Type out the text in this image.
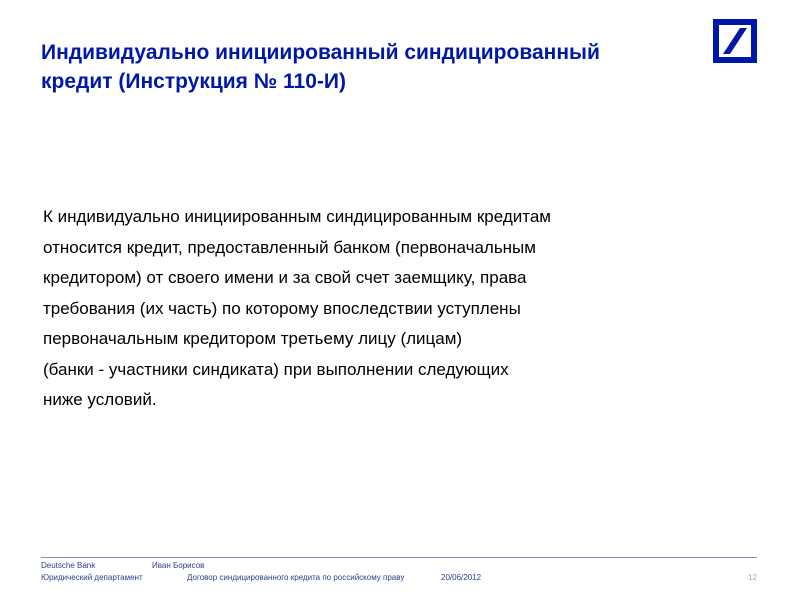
Индивидуально инициированный синдицированный
кредит (Инструкция № 110-И)
К индивидуально инициированным синдицированным кредитам
относится кредит, предоставленный банком (первоначальным
кредитором) от своего имени и за свой счет заемщику, права
требования (их часть) по которому впоследствии уступлены
первоначальным кредитором третьему лицу (лицам)
(банки - участники синдиката) при выполнении следующих
ниже условий.
Deutsche Bank	Иван Борисов
Юридический департамент	Договор синдицированного кредита по российскому праву	20/06/2012	12
